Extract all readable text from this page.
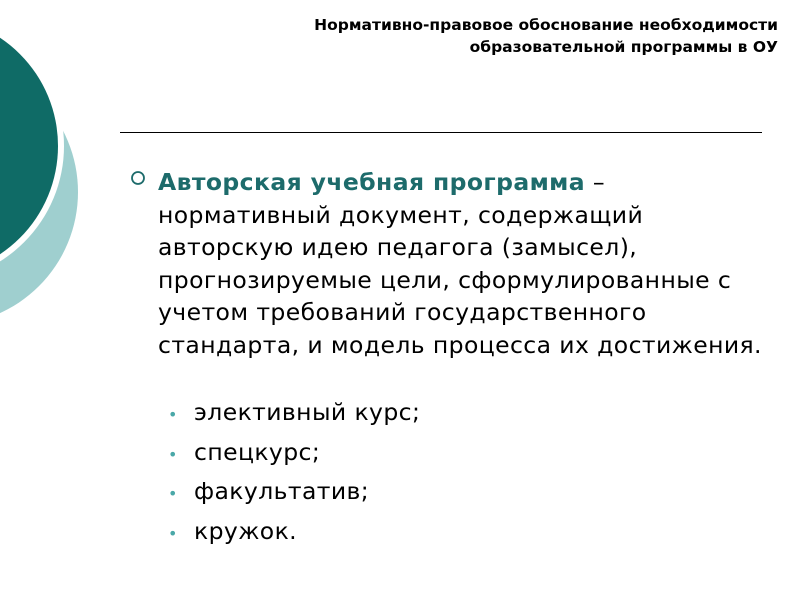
Нормативно-правовое обоснование необходимости
образовательной программы в ОУ

Авторская учебная программа – нормативный документ, содержащий авторскую идею педагога (замысел), прогнозируемые цели, сформулированные с учетом требований государственного стандарта, и модель процесса их достижения.

• элективный курс;
• спецкурс;
• факультатив;
• кружок.
